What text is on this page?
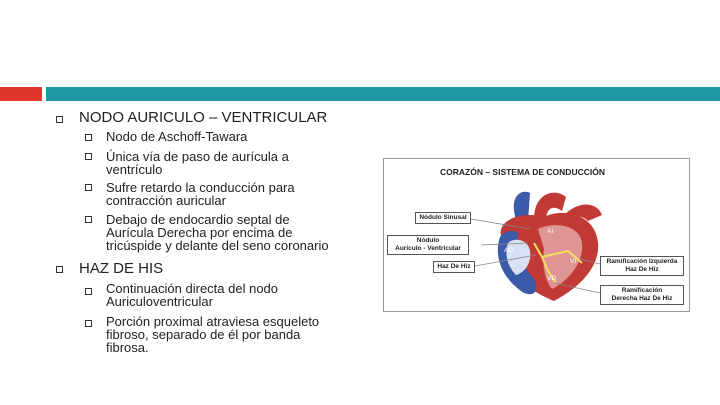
NODO AURICULO – VENTRICULAR
Nodo de Aschoff-Tawara
Única vía de paso de aurícula a
ventrículo
Sufre retardo la conducción para
contracción auricular
Debajo de endocardio septal de
Aurícula Derecha por encima de
tricúspide y delante del seno coronario
HAZ DE HIS
Continuación directa del nodo
Auriculoventricular
Porción proximal atraviesa esqueleto
fibroso, separado de él por banda
fibrosa.
CORAZÓN – SISTEMA DE CONDUCCIÓN
AI
AD
VI
VD
Nódulo Sinusal
Nódulo
Aurículo - Ventricular
Haz De Hiz
Ramificación Izquierda
Haz De Hiz
Ramificación
Derecha Haz De Hiz
